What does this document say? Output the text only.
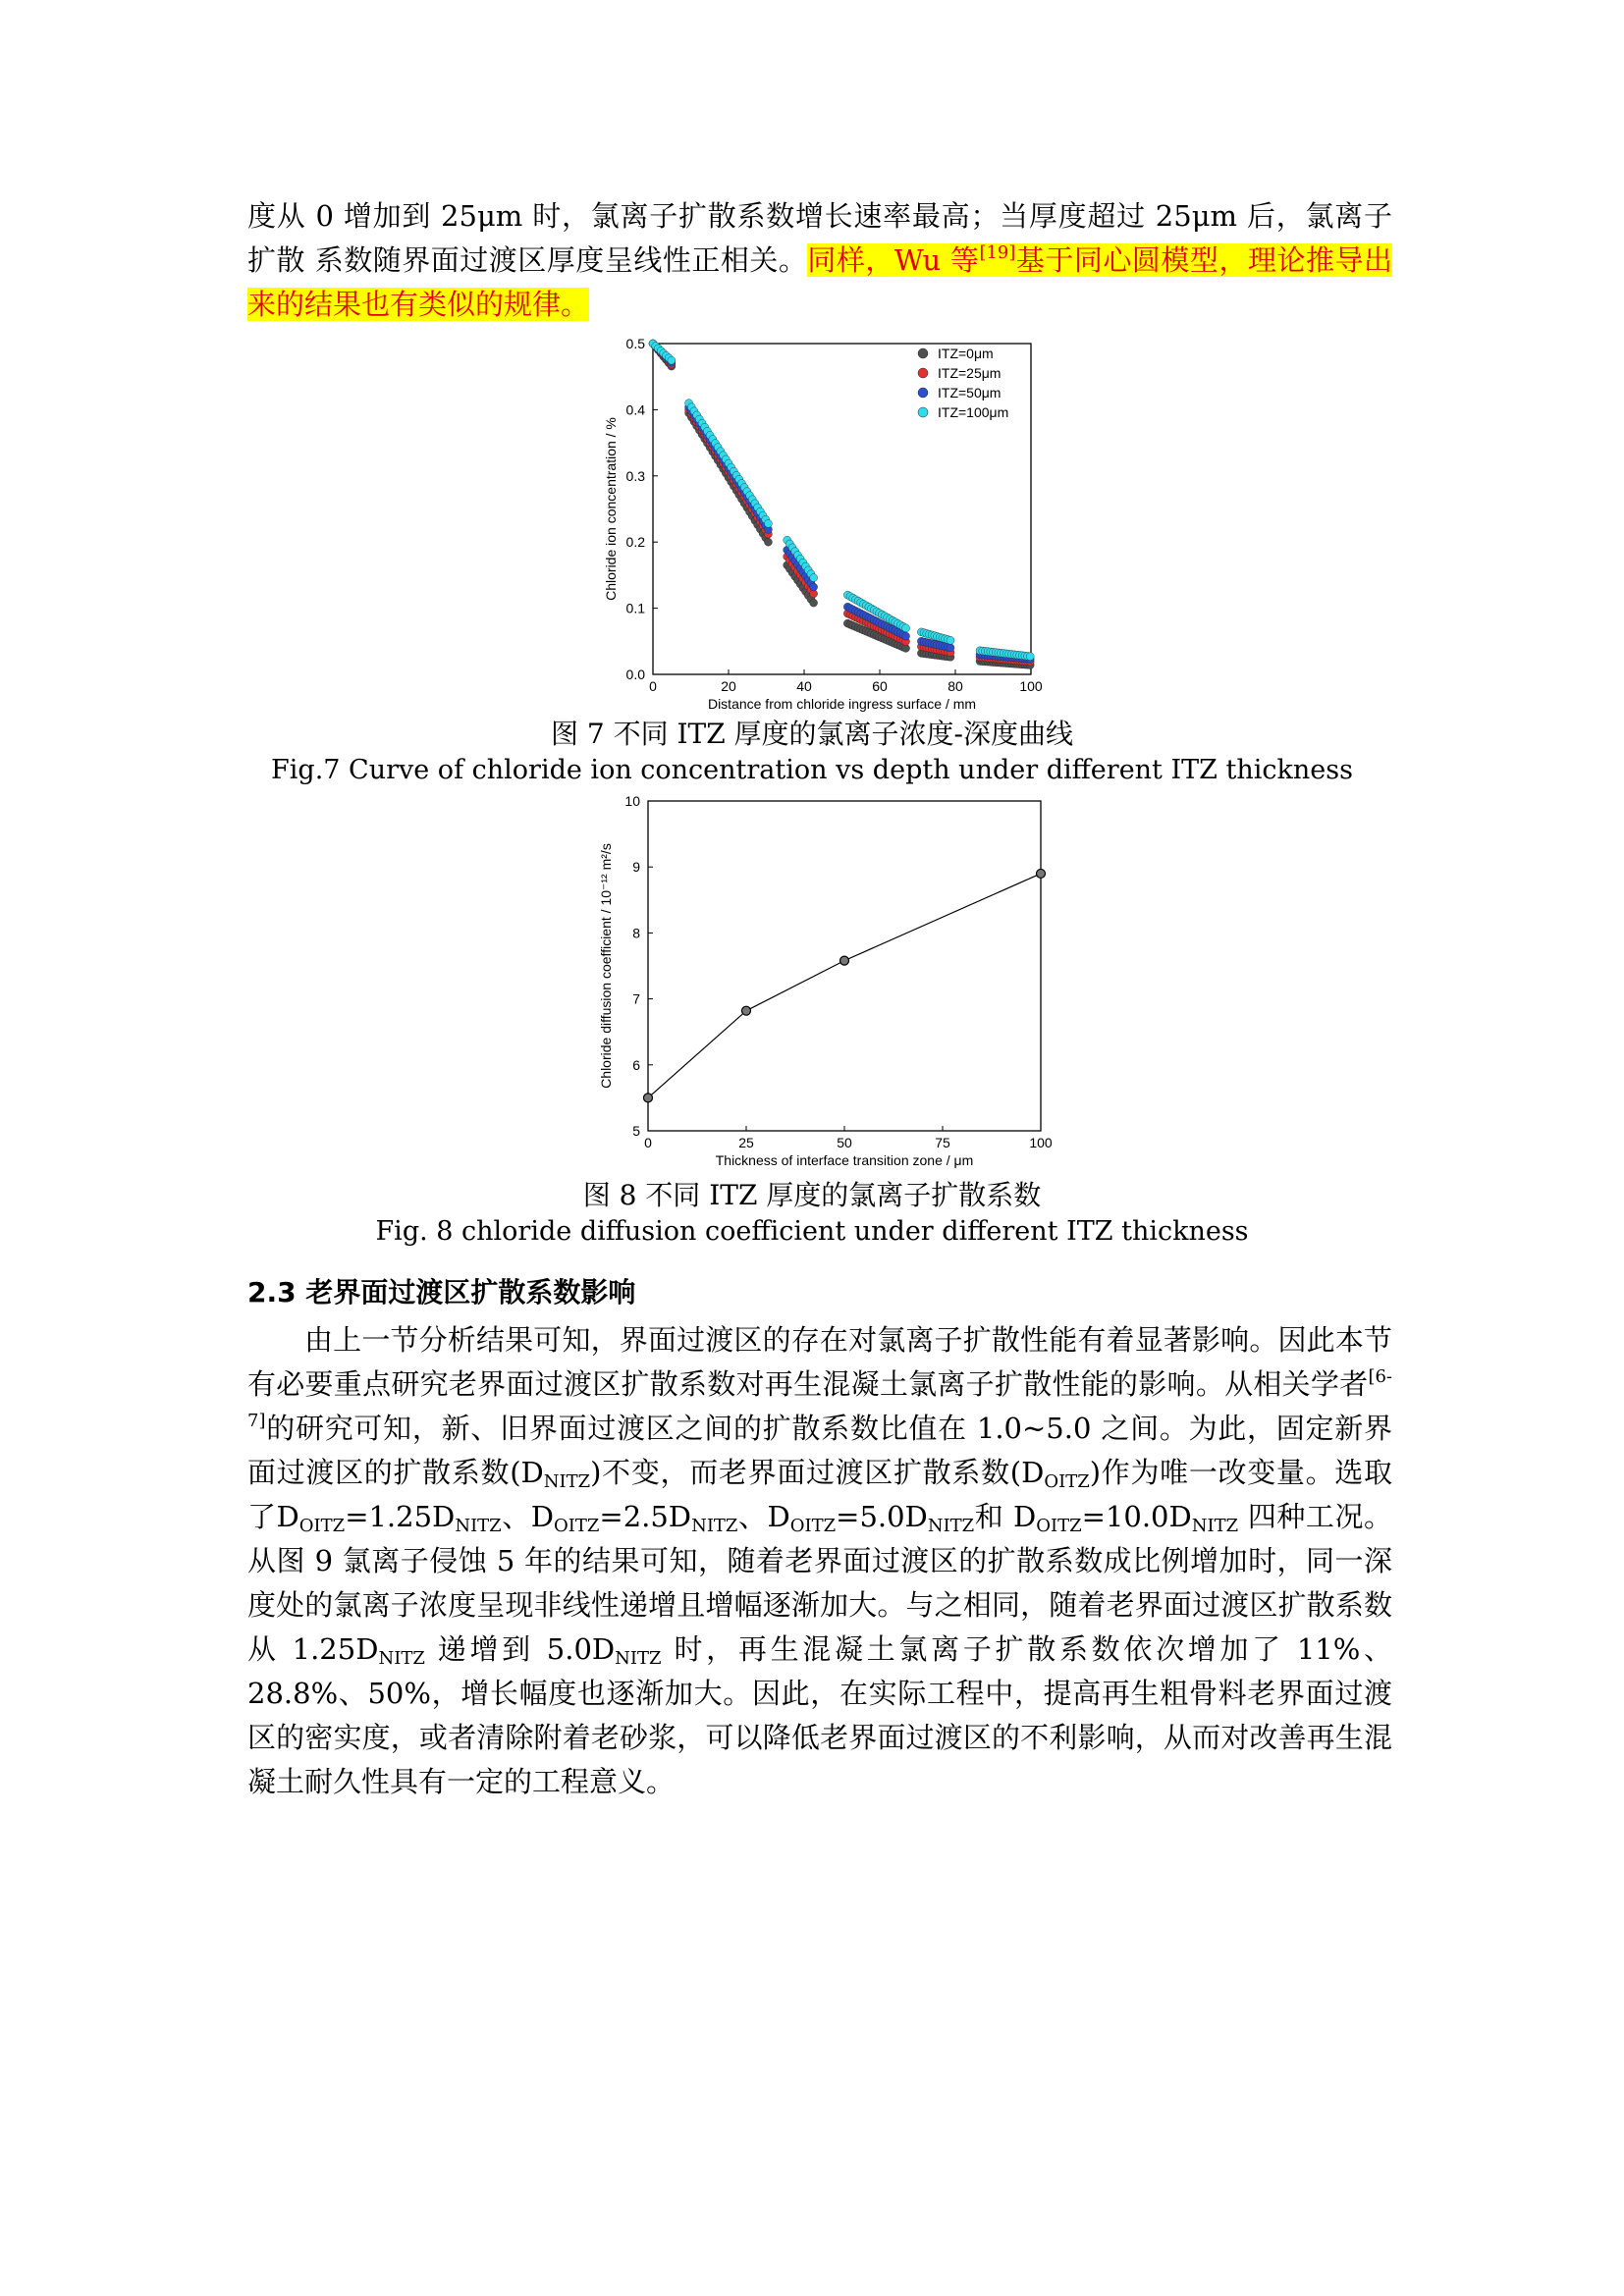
度从 0 增加到 25μm 时，氯离子扩散系数增长速率最高；当厚度超过 25μm 后，氯离子扩散 系数随界面过渡区厚度呈线性正相关。同样，Wu 等[19]基于同心圆模型，理论推导出来的结果也有类似的规律。

0	20	40	60	80	100
0.0
0.1
0.2
0.3
0.4
0.5
Distance from chloride ingress surface / mm
Chloride ion concentration / %
ITZ=0μm
ITZ=25μm
ITZ=50μm
ITZ=100μm

图 7 不同 ITZ 厚度的氯离子浓度-深度曲线

Fig.7 Curve of chloride ion concentration vs depth under different ITZ thickness

0	25	50	75	100
5
6
7
8
9
10
Thickness of interface transition zone / μm
Chloride diffusion coefficient / 10⁻¹² m²/s

图 8 不同 ITZ 厚度的氯离子扩散系数

Fig. 8 chloride diffusion coefficient under different ITZ thickness

2.3 老界面过渡区扩散系数影响

由上一节分析结果可知，界面过渡区的存在对氯离子扩散性能有着显著影响。因此本节有必要重点研究老界面过渡区扩散系数对再生混凝土氯离子扩散性能的影响。从相关学者[6-7]的研究可知，新、旧界面过渡区之间的扩散系数比值在 1.0~5.0 之间。为此，固定新界面过渡区的扩散系数$(D_{NITZ})$不变，而老界面过渡区扩散系数$(D_{OITZ})$作为唯一改变量。选取了$D_{OITZ}=1.25D_{NITZ}$、$D_{OITZ}=2.5D_{NITZ}$、$D_{OITZ}=5.0D_{NITZ}$和 $D_{OITZ}=10.0D_{NITZ}$ 四种工况。从图 9 氯离子侵蚀 5 年的结果可知，随着老界面过渡区的扩散系数成比例增加时，同一深度处的氯离子浓度呈现非线性递增且增幅逐渐加大。与之相同，随着老界面过渡区扩散系数从 $1.25D_{NITZ}$ 递增到 $5.0D_{NITZ}$ 时，再生混凝土氯离子扩散系数依次增加了 11%、28.8%、50%，增长幅度也逐渐加大。因此，在实际工程中，提高再生粗骨料老界面过渡区的密实度，或者清除附着老砂浆，可以降低老界面过渡区的不利影响，从而对改善再生混凝土耐久性具有一定的工程意义。
